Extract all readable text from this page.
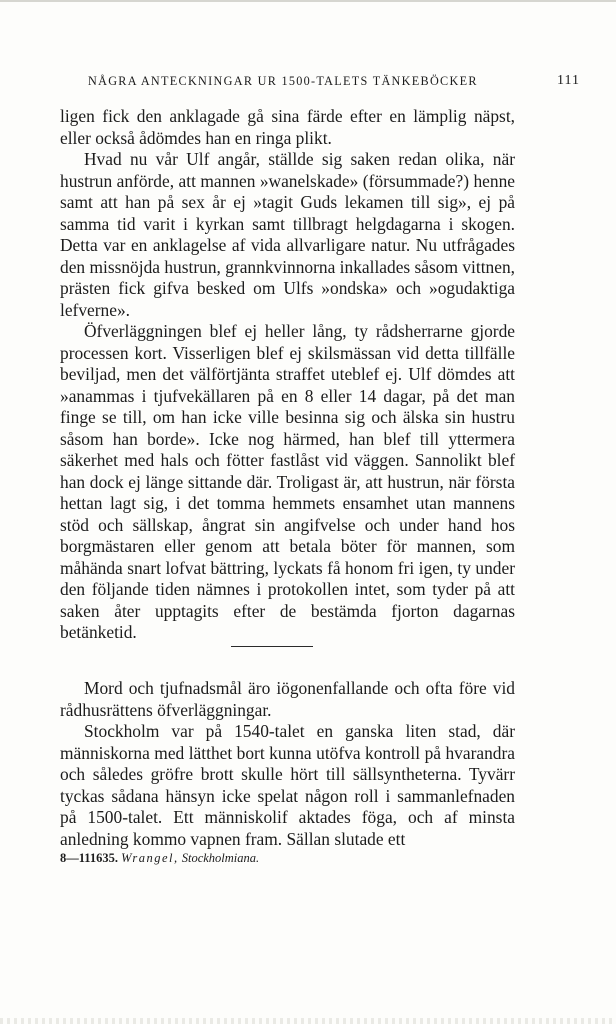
NÅGRA ANTECKNINGAR UR 1500-TALETS TÄNKEBÖCKER	111

ligen fick den anklagade gå sina färde efter en lämplig näpst, eller också ådömdes han en ringa plikt.

Hvad nu vår Ulf angår, ställde sig saken redan olika, när hustrun anförde, att mannen »wanelskade» (försummade?) henne samt att han på sex år ej »tagit Guds lekamen till sig», ej på samma tid varit i kyrkan samt tillbragt helgdagarna i skogen. Detta var en anklagelse af vida allvarligare natur. Nu utfrågades den missnöjda hustrun, grannkvinnorna inkallades såsom vittnen, prästen fick gifva besked om Ulfs »ondska» och »ogudaktiga lefverne».

Öfverläggningen blef ej heller lång, ty rådsherrarne gjorde processen kort. Visserligen blef ej skilsmässan vid detta tillfälle beviljad, men det välförtjänta straffet uteblef ej. Ulf dömdes att »anammas i tjufvekällaren på en 8 eller 14 dagar, på det man finge se till, om han icke ville besinna sig och älska sin hustru såsom han borde». Icke nog härmed, han blef till yttermera säkerhet med hals och fötter fastlåst vid väggen. Sannolikt blef han dock ej länge sittande där. Troligast är, att hustrun, när första hettan lagt sig, i det tomma hemmets ensamhet utan mannens stöd och sällskap, ångrat sin angifvelse och under hand hos borgmästaren eller genom att betala böter för mannen, som måhända snart lofvat bättring, lyckats få honom fri igen, ty under den följande tiden nämnes i protokollen intet, som tyder på att saken åter upptagits efter de bestämda fjorton dagarnas betänketid.

Mord och tjufnadsmål äro iögonenfallande och ofta före vid rådhusrättens öfverläggningar.

Stockholm var på 1540-talet en ganska liten stad, där människorna med lätthet bort kunna utöfva kontroll på hvarandra och således gröfre brott skulle hört till sällsyntheterna. Tyvärr tyckas sådana hänsyn icke spelat någon roll i sammanlefnaden på 1500-talet. Ett människolif aktades föga, och af minsta anledning kommo vapnen fram. Sällan slutade ett

8—111635. Wrangel, Stockholmiana.
